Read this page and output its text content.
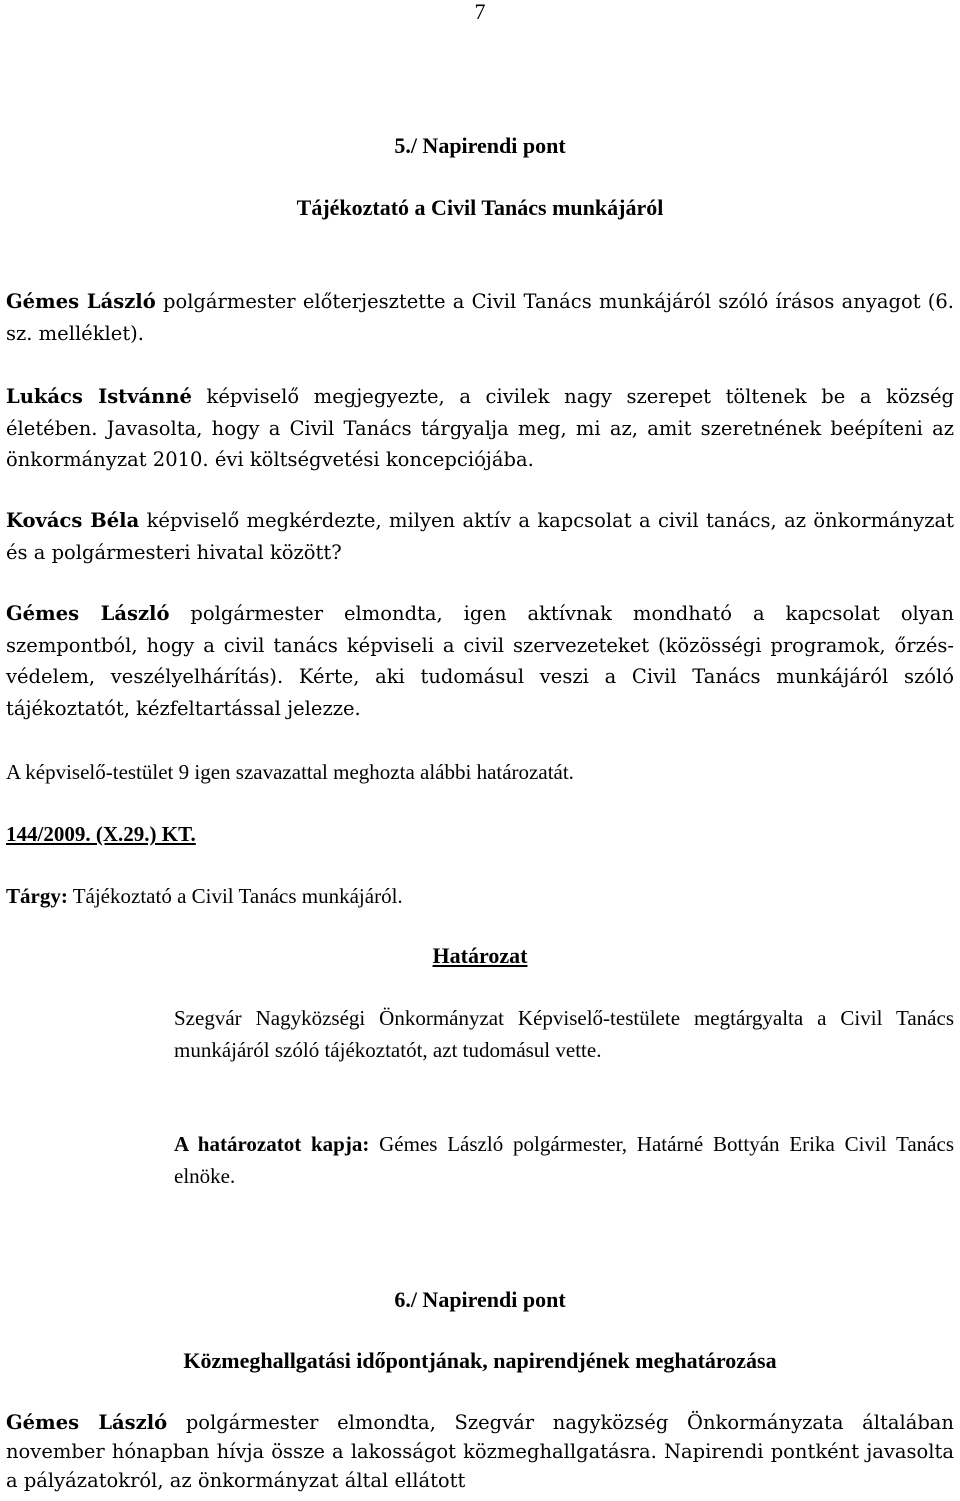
7
5./ Napirendi pont
Tájékoztató a Civil Tanács munkájáról
Gémes László polgármester előterjesztette a Civil Tanács munkájáról szóló írásos anyagot (6. sz. melléklet).
Lukács Istvánné képviselő megjegyezte, a civilek nagy szerepet töltenek be a község életében. Javasolta, hogy a Civil Tanács tárgyalja meg, mi az, amit szeretnének beépíteni az önkormányzat 2010. évi költségvetési koncepciójába.
Kovács Béla képviselő megkérdezte, milyen aktív a kapcsolat a civil tanács, az önkormányzat és a polgármesteri hivatal között?
Gémes László polgármester elmondta, igen aktívnak mondható a kapcsolat olyan szempontból, hogy a civil tanács képviseli a civil szervezeteket (közösségi programok, őrzés-védelem, veszélyelhárítás). Kérte, aki tudomásul veszi a Civil Tanács munkájáról szóló tájékoztatót, kézfeltartással jelezze.
A képviselő-testület 9 igen szavazattal meghozta alábbi határozatát.
144/2009. (X.29.) KT.
Tárgy: Tájékoztató a Civil Tanács munkájáról.
Határozat
Szegvár Nagyközségi Önkormányzat Képviselő-testülete megtárgyalta a Civil Tanács munkájáról szóló tájékoztatót, azt tudomásul vette.
A határozatot kapja: Gémes László polgármester, Határné Bottyán Erika Civil Tanács elnöke.
6./ Napirendi pont
Közmeghallgatási időpontjának, napirendjének meghatározása
Gémes László polgármester elmondta, Szegvár nagyközség Önkormányzata általában november hónapban hívja össze a lakosságot közmeghallgatásra. Napirendi pontként javasolta a pályázatokról, az önkormányzat által ellátott
